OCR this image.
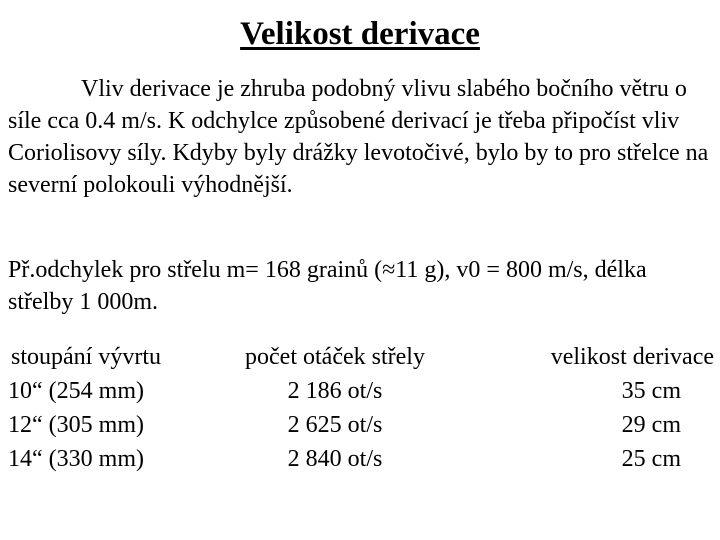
Velikost derivace

Vliv derivace je zhruba podobný vlivu slabého bočního větru o síle cca 0.4 m/s. K odchylce způsobené derivací je třeba připočíst vliv Coriolisovy síly. Kdyby byly drážky levotočivé, bylo by to pro střelce na severní polokouli výhodnější.

Př.odchylek pro střelu m= 168 grainů (≈11 g), v0 = 800 m/s, délka střelby 1 000m.

stoupání vývrtu	počet otáček střely	velikost derivace
10“ (254 mm)	2 186 ot/s	35 cm
12“ (305 mm)	2 625 ot/s	29 cm
14“ (330 mm)	2 840 ot/s	25 cm
